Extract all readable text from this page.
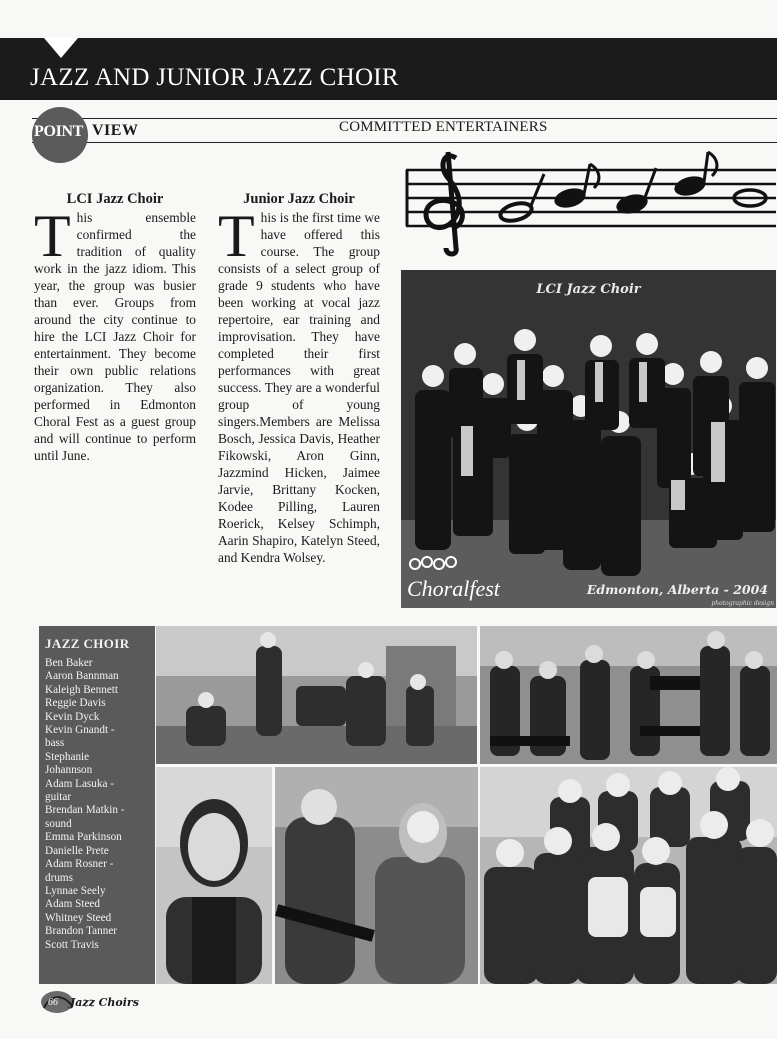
JAZZ AND JUNIOR JAZZ CHOIR
POINT VIEW	COMMITTED ENTERTAINERS
LCI Jazz Choir
This ensemble confirmed the tradition of quality work in the jazz idiom. This year, the group was busier than ever. Groups from around the city continue to hire the LCI Jazz Choir for entertainment. They become their own public relations organization. They also performed in Edmonton Choral Fest as a guest group and will continue to perform until June.
Junior Jazz Choir
This is the first time we have offered this course. The group consists of a select group of grade 9 students who have been working at vocal jazz repertoire, ear training and improvisation. They have completed their first performances with great success. They are a wonderful group of young singers.Members are Melissa Bosch, Jessica Davis, Heather Fikowski, Aron Ginn, Jazzmind Hicken, Jaimee Jarvie, Brittany Kocken, Kodee Pilling, Lauren Roerick, Kelsey Schimph, Aarin Shapiro, Katelyn Steed, and Kendra Wolsey.
LCI Jazz Choir
Choralfest	Edmonton, Alberta - 2004
photographic design
JAZZ CHOIR
Ben Baker
Aaron Bannman
Kaleigh Bennett
Reggie Davis
Kevin Dyck
Kevin Gnandt -
bass
Stephanie
Johannson
Adam Lasuka -
guitar
Brendan Matkin -
sound
Emma Parkinson
Danielle Prete
Adam Rosner -
drums
Lynnae Seely
Adam Steed
Whitney Steed
Brandon Tanner
Scott Travis
66 Jazz Choirs
